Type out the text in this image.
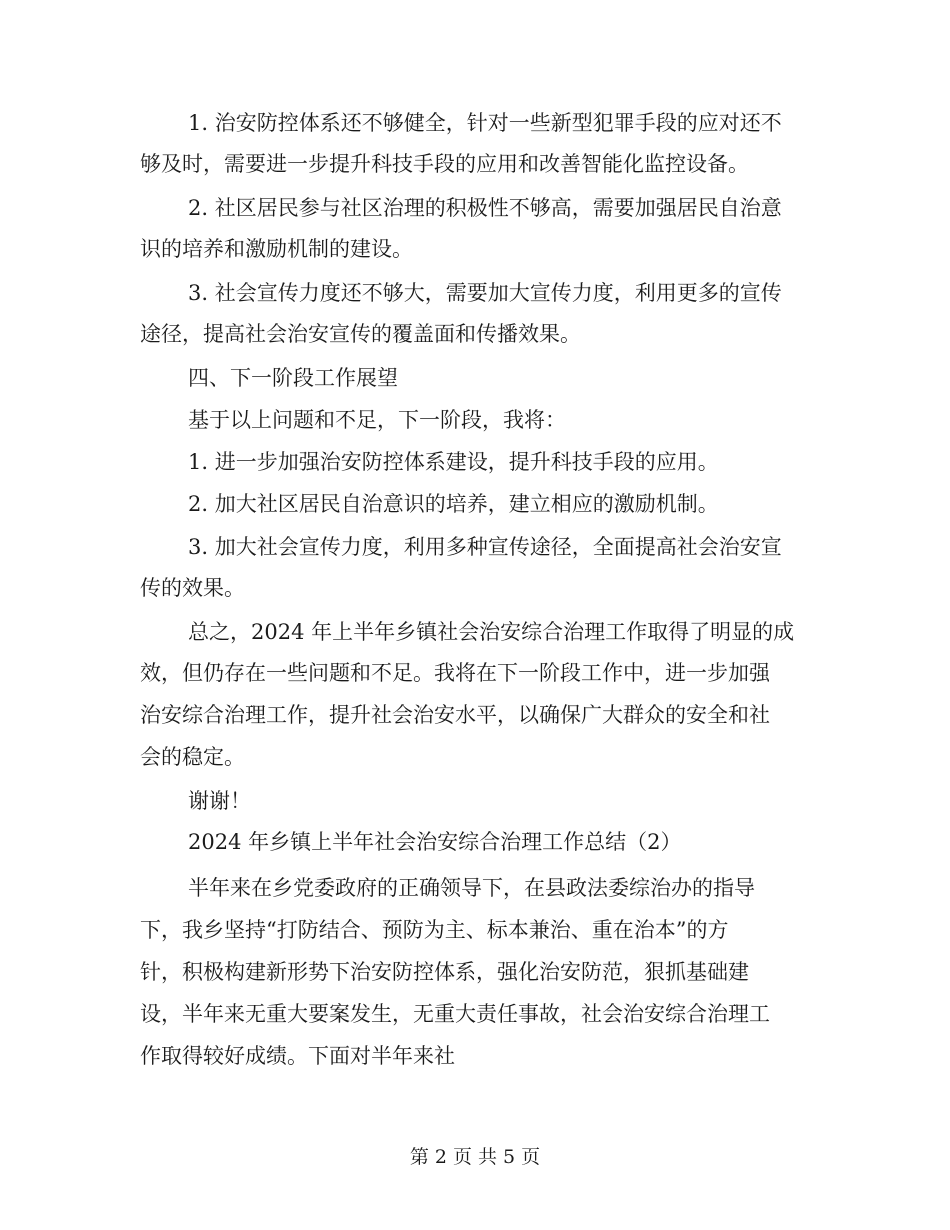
1. 治安防控体系还不够健全，针对一些新型犯罪手段的应对还不
够及时，需要进一步提升科技手段的应用和改善智能化监控设备。
2. 社区居民参与社区治理的积极性不够高，需要加强居民自治意
识的培养和激励机制的建设。
3. 社会宣传力度还不够大，需要加大宣传力度，利用更多的宣传
途径，提高社会治安宣传的覆盖面和传播效果。
四、下一阶段工作展望
基于以上问题和不足，下一阶段，我将：
1. 进一步加强治安防控体系建设，提升科技手段的应用。
2. 加大社区居民自治意识的培养，建立相应的激励机制。
3. 加大社会宣传力度，利用多种宣传途径，全面提高社会治安宣
传的效果。
总之，2024 年上半年乡镇社会治安综合治理工作取得了明显的成
效，但仍存在一些问题和不足。我将在下一阶段工作中，进一步加强
治安综合治理工作，提升社会治安水平，以确保广大群众的安全和社
会的稳定。
谢谢！
2024 年乡镇上半年社会治安综合治理工作总结（2）
半年来在乡党委政府的正确领导下，在县政法委综治办的指导
下，我乡坚持“打防结合、预防为主、标本兼治、重在治本”的方
针，积极构建新形势下治安防控体系，强化治安防范，狠抓基础建
设，半年来无重大要案发生，无重大责任事故，社会治安综合治理工
作取得较好成绩。下面对半年来社
第 2 页 共 5 页
